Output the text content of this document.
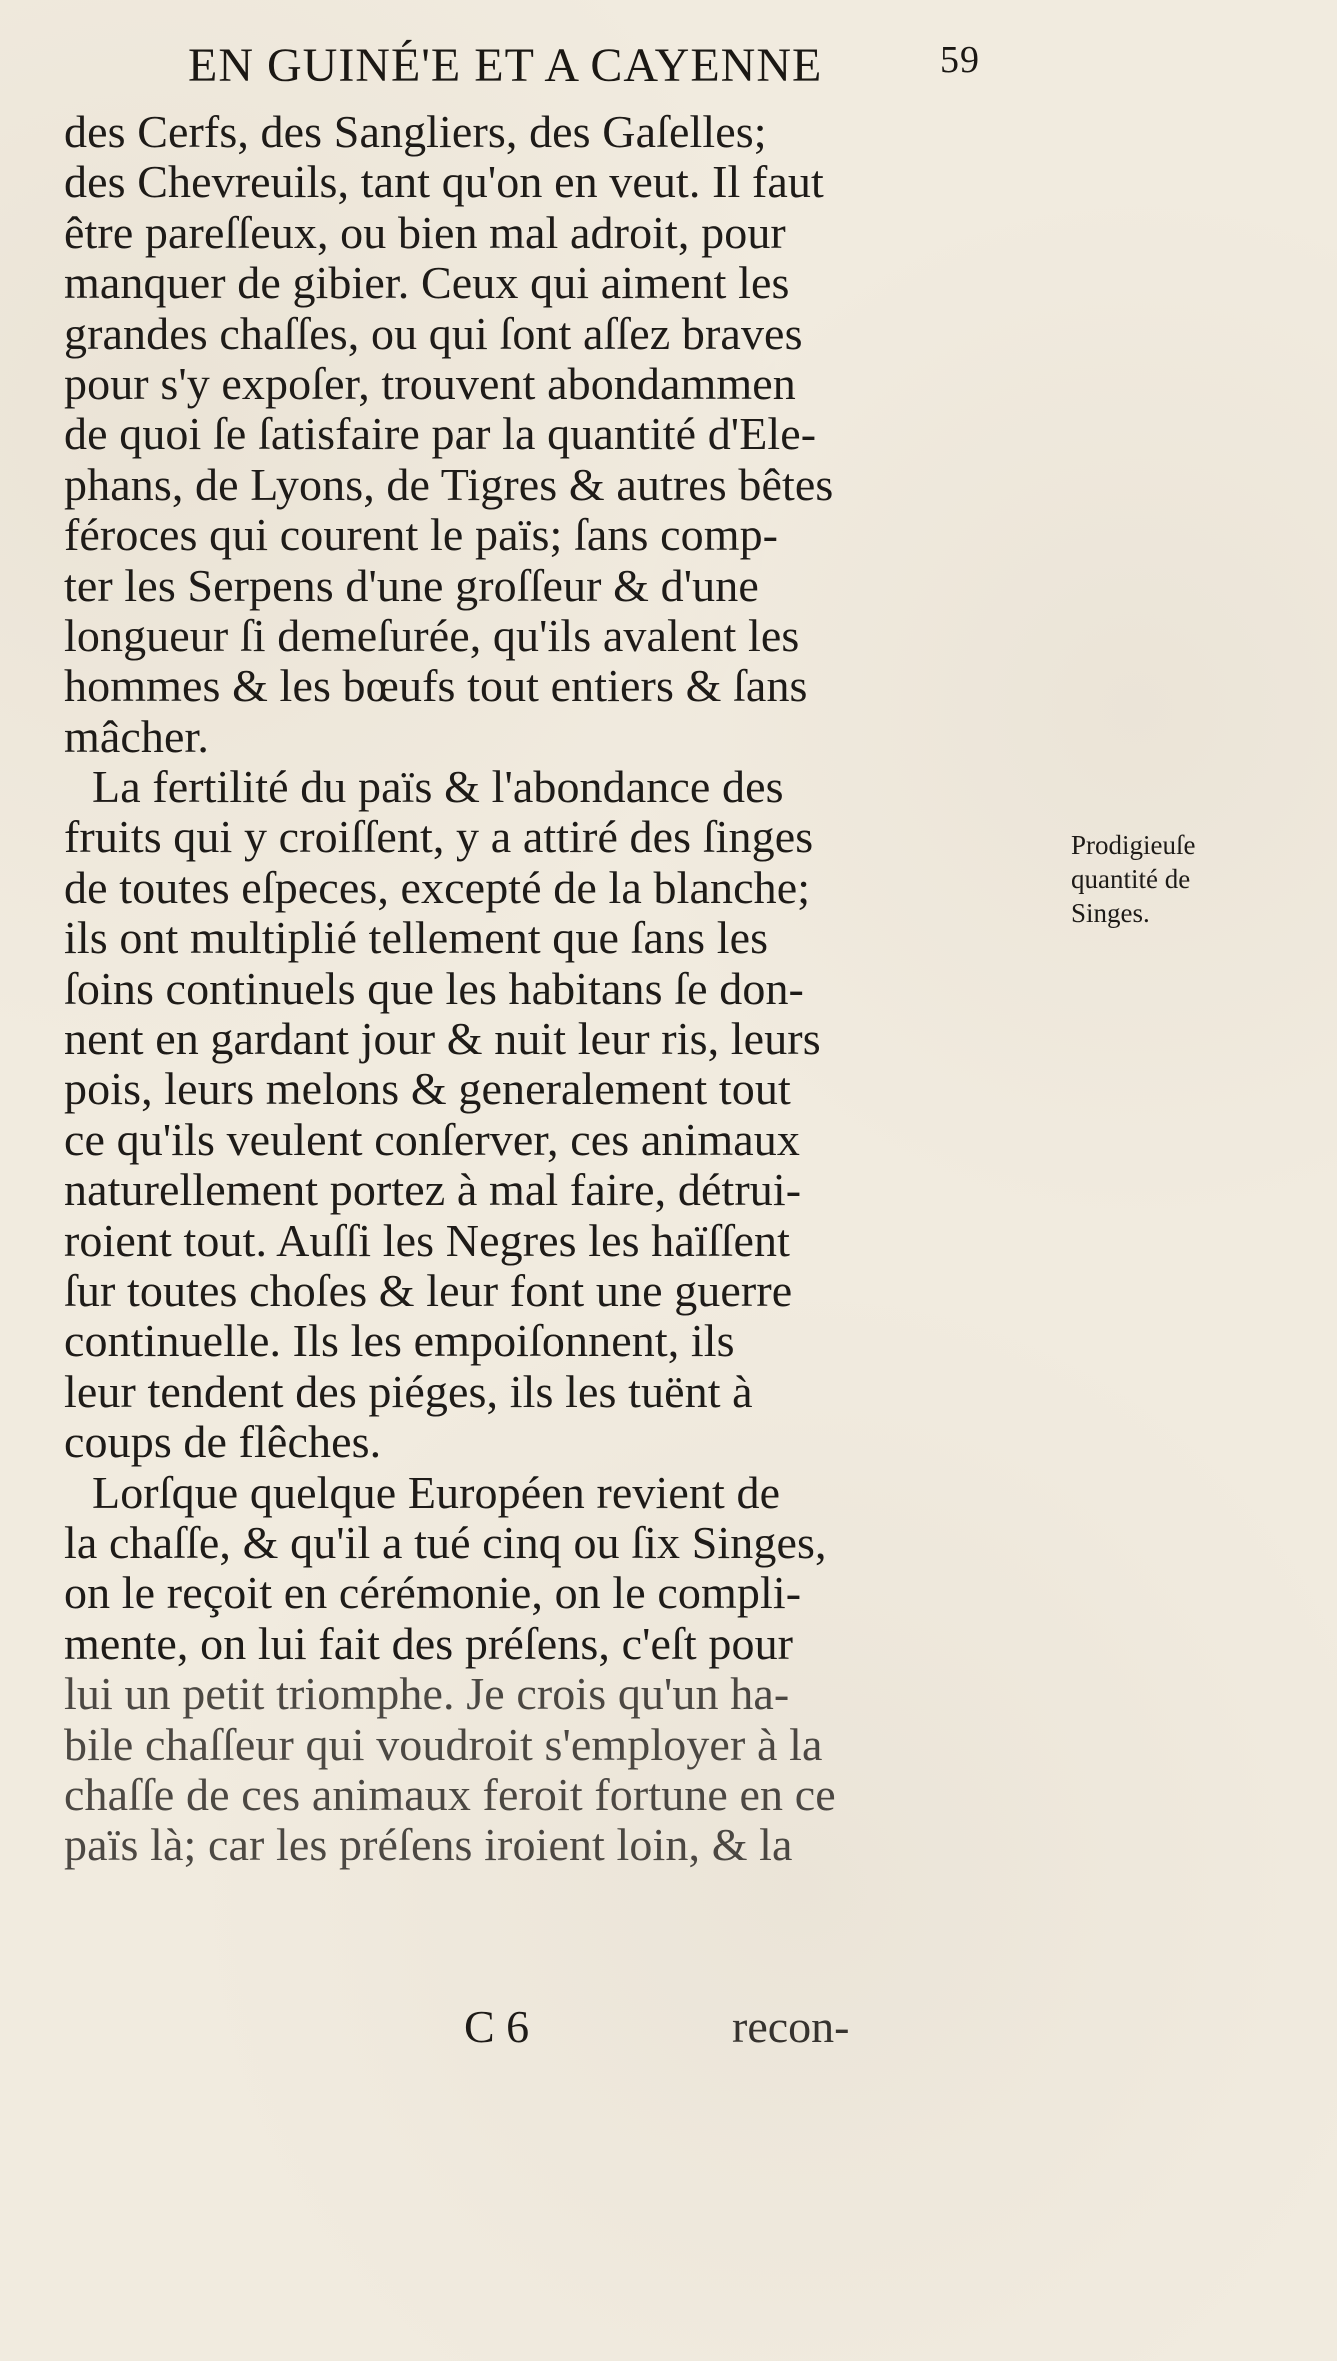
EN GUINÉ'E ET A CAYENNE	59
des Cerfs, des Sangliers, des Gaſelles;
des Chevreuils, tant qu'on en veut. Il faut
être pareſſeux, ou bien mal adroit, pour
manquer de gibier. Ceux qui aiment les
grandes chaſſes, ou qui ſont aſſez braves
pour s'y expoſer, trouvent abondammen
de quoi ſe ſatisfaire par la quantité d'Ele-
phans, de Lyons, de Tigres & autres bêtes
féroces qui courent le païs; ſans comp-
ter les Serpens d'une groſſeur & d'une
longueur ſi demeſurée, qu'ils avalent les
hommes & les bœufs tout entiers & ſans
mâcher.
La fertilité du païs & l'abondance des
fruits qui y croiſſent, y a attiré des ſinges
de toutes eſpeces, excepté de la blanche;
ils ont multiplié tellement que ſans les
ſoins continuels que les habitans ſe don-
nent en gardant jour & nuit leur ris, leurs
pois, leurs melons & generalement tout
ce qu'ils veulent conſerver, ces animaux
naturellement portez à mal faire, détrui-
roient tout. Auſſi les Negres les haïſſent
ſur toutes choſes & leur font une guerre
continuelle. Ils les empoiſonnent, ils
leur tendent des piéges, ils les tuënt à
coups de flêches.
Lorſque quelque Européen revient de
la chaſſe, & qu'il a tué cinq ou ſix Singes,
on le reçoit en cérémonie, on le compli-
mente, on lui fait des préſens, c'eſt pour
lui un petit triomphe. Je crois qu'un ha-
bile chaſſeur qui voudroit s'employer à la
chaſſe de ces animaux feroit fortune en ce
païs là; car les préſens iroient loin, & la
Prodigieuſe
quantité de
Singes.
C 6	recon-
